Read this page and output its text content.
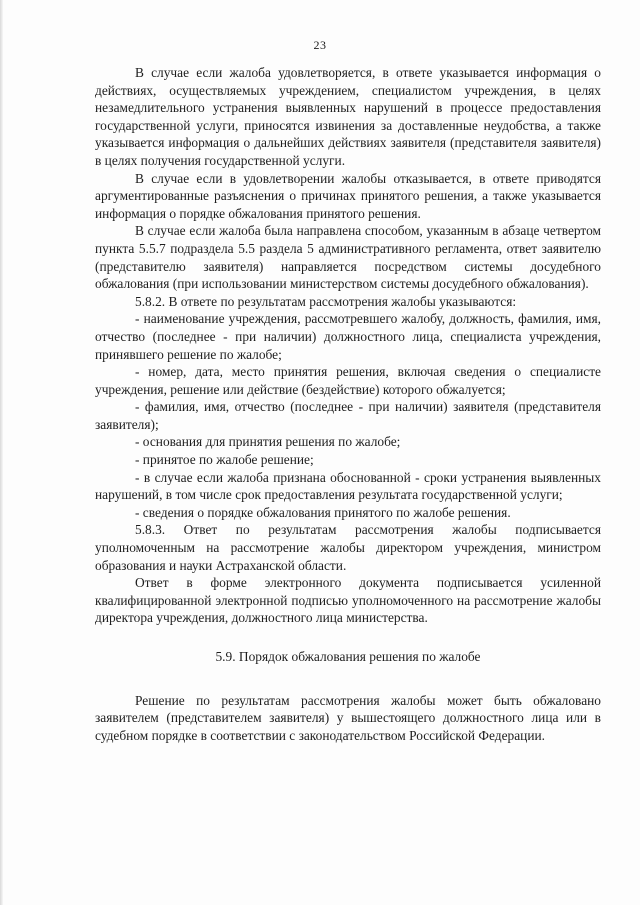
23

В случае если жалоба удовлетворяется, в ответе указывается информация о действиях, осуществляемых учреждением, специалистом учреждения, в целях незамедлительного устранения выявленных нарушений в процессе предоставления государственной услуги, приносятся извинения за доставленные неудобства, а также указывается информация о дальнейших действиях заявителя (представителя заявителя) в целях получения государственной услуги.

В случае если в удовлетворении жалобы отказывается, в ответе приводятся аргументированные разъяснения о причинах принятого решения, а также указывается информация о порядке обжалования принятого решения.

В случае если жалоба была направлена способом, указанным в абзаце четвертом пункта 5.5.7 подраздела 5.5 раздела 5 административного регламента, ответ заявителю (представителю заявителя) направляется посредством системы досудебного обжалования (при использовании министерством системы досудебного обжалования).

5.8.2. В ответе по результатам рассмотрения жалобы указываются:

- наименование учреждения, рассмотревшего жалобу, должность, фамилия, имя, отчество (последнее - при наличии) должностного лица, специалиста учреждения, принявшего решение по жалобе;

- номер, дата, место принятия решения, включая сведения о специалисте учреждения, решение или действие (бездействие) которого обжалуется;

- фамилия, имя, отчество (последнее - при наличии) заявителя (представителя заявителя);

- основания для принятия решения по жалобе;

- принятое по жалобе решение;

- в случае если жалоба признана обоснованной - сроки устранения выявленных нарушений, в том числе срок предоставления результата государственной услуги;

- сведения о порядке обжалования принятого по жалобе решения.

5.8.3. Ответ по результатам рассмотрения жалобы подписывается уполномоченным на рассмотрение жалобы директором учреждения, министром образования и науки Астраханской области.

Ответ в форме электронного документа подписывается усиленной квалифицированной электронной подписью уполномоченного на рассмотрение жалобы директора учреждения, должностного лица министерства.

5.9. Порядок обжалования решения по жалобе

Решение по результатам рассмотрения жалобы может быть обжаловано заявителем (представителем заявителя) у вышестоящего должностного лица или в судебном порядке в соответствии с законодательством Российской Федерации.
